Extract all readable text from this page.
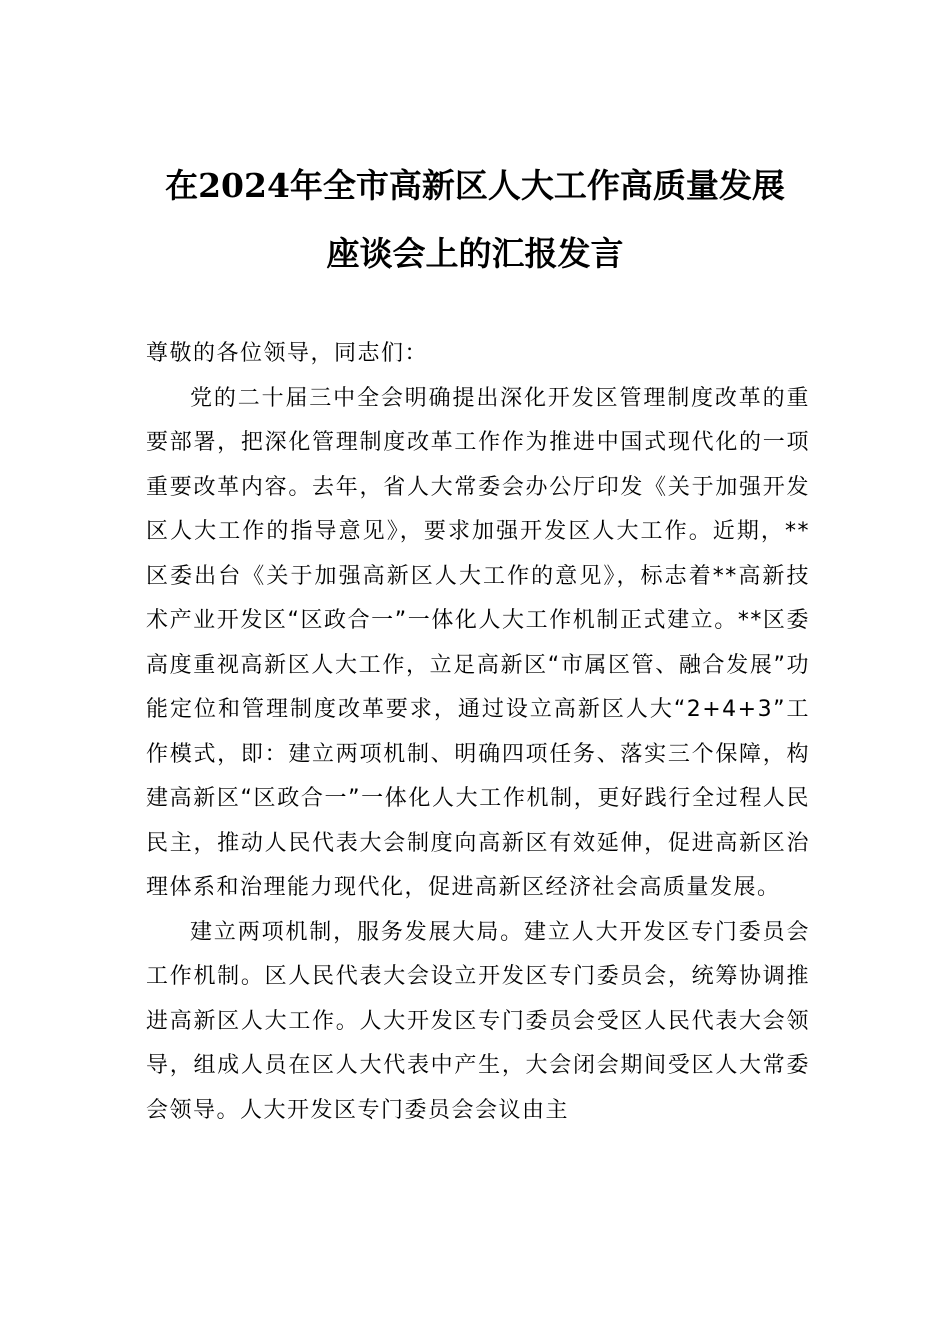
在2024年全市高新区人大工作高质量发展
座谈会上的汇报发言

尊敬的各位领导，同志们：

党的二十届三中全会明确提出深化开发区管理制度改革的重要部署，把深化管理制度改革工作作为推进中国式现代化的一项重要改革内容。去年，省人大常委会办公厅印发《关于加强开发区人大工作的指导意见》，要求加强开发区人大工作。近期，**区委出台《关于加强高新区人大工作的意见》，标志着**高新技术产业开发区“区政合一”一体化人大工作机制正式建立。**区委高度重视高新区人大工作，立足高新区“市属区管、融合发展”功能定位和管理制度改革要求，通过设立高新区人大“2+4+3”工作模式，即：建立两项机制、明确四项任务、落实三个保障，构建高新区“区政合一”一体化人大工作机制，更好践行全过程人民民主，推动人民代表大会制度向高新区有效延伸，促进高新区治理体系和治理能力现代化，促进高新区经济社会高质量发展。

建立两项机制，服务发展大局。建立人大开发区专门委员会工作机制。区人民代表大会设立开发区专门委员会，统筹协调推进高新区人大工作。人大开发区专门委员会受区人民代表大会领导，组成人员在区人大代表中产生，大会闭会期间受区人大常委会领导。人大开发区专门委员会会议由主
